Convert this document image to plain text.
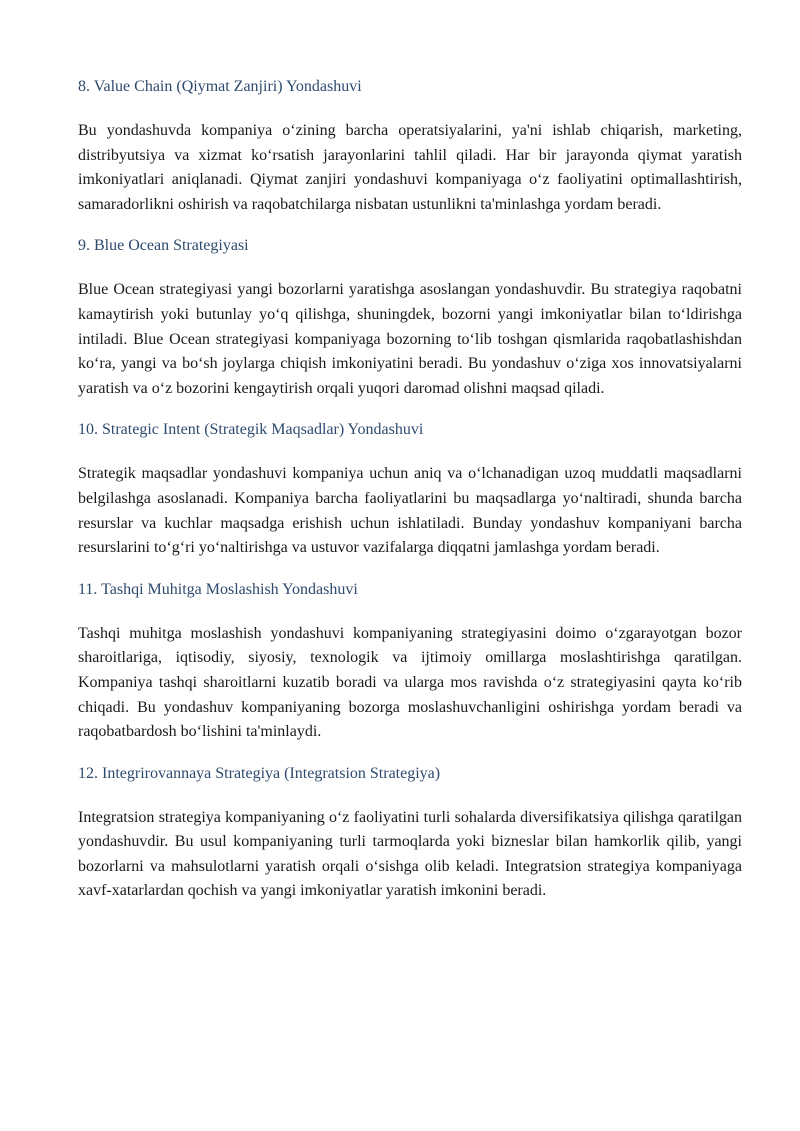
8. Value Chain (Qiymat Zanjiri) Yondashuvi

Bu yondashuvda kompaniya o‘zining barcha operatsiyalarini, ya'ni ishlab chiqarish, marketing, distribyutsiya va xizmat ko‘rsatish jarayonlarini tahlil qiladi. Har bir jarayonda qiymat yaratish imkoniyatlari aniqlanadi. Qiymat zanjiri yondashuvi kompaniyaga o‘z faoliyatini optimallashtirish, samaradorlikni oshirish va raqobatchilarga nisbatan ustunlikni ta'minlashga yordam beradi.

9. Blue Ocean Strategiyasi

Blue Ocean strategiyasi yangi bozorlarni yaratishga asoslangan yondashuvdir. Bu strategiya raqobatni kamaytirish yoki butunlay yo‘q qilishga, shuningdek, bozorni yangi imkoniyatlar bilan to‘ldirishga intiladi. Blue Ocean strategiyasi kompaniyaga bozorning to‘lib toshgan qismlarida raqobatlashishdan ko‘ra, yangi va bo‘sh joylarga chiqish imkoniyatini beradi. Bu yondashuv o‘ziga xos innovatsiyalarni yaratish va o‘z bozorini kengaytirish orqali yuqori daromad olishni maqsad qiladi.

10. Strategic Intent (Strategik Maqsadlar) Yondashuvi

Strategik maqsadlar yondashuvi kompaniya uchun aniq va o‘lchanadigan uzoq muddatli maqsadlarni belgilashga asoslanadi. Kompaniya barcha faoliyatlarini bu maqsadlarga yo‘naltiradi, shunda barcha resurslar va kuchlar maqsadga erishish uchun ishlatiladi. Bunday yondashuv kompaniyani barcha resurslarini to‘g‘ri yo‘naltirishga va ustuvor vazifalarga diqqatni jamlashga yordam beradi.

11. Tashqi Muhitga Moslashish Yondashuvi

Tashqi muhitga moslashish yondashuvi kompaniyaning strategiyasini doimo o‘zgarayotgan bozor sharoitlariga, iqtisodiy, siyosiy, texnologik va ijtimoiy omillarga moslashtirishga qaratilgan. Kompaniya tashqi sharoitlarni kuzatib boradi va ularga mos ravishda o‘z strategiyasini qayta ko‘rib chiqadi. Bu yondashuv kompaniyaning bozorga moslashuvchanligini oshirishga yordam beradi va raqobatbardosh bo‘lishini ta'minlaydi.

12. Integrirovannaya Strategiya (Integratsion Strategiya)

Integratsion strategiya kompaniyaning o‘z faoliyatini turli sohalarda diversifikatsiya qilishga qaratilgan yondashuvdir. Bu usul kompaniyaning turli tarmoqlarda yoki bizneslar bilan hamkorlik qilib, yangi bozorlarni va mahsulotlarni yaratish orqali o‘sishga olib keladi. Integratsion strategiya kompaniyaga xavf-xatarlardan qochish va yangi imkoniyatlar yaratish imkonini beradi.
